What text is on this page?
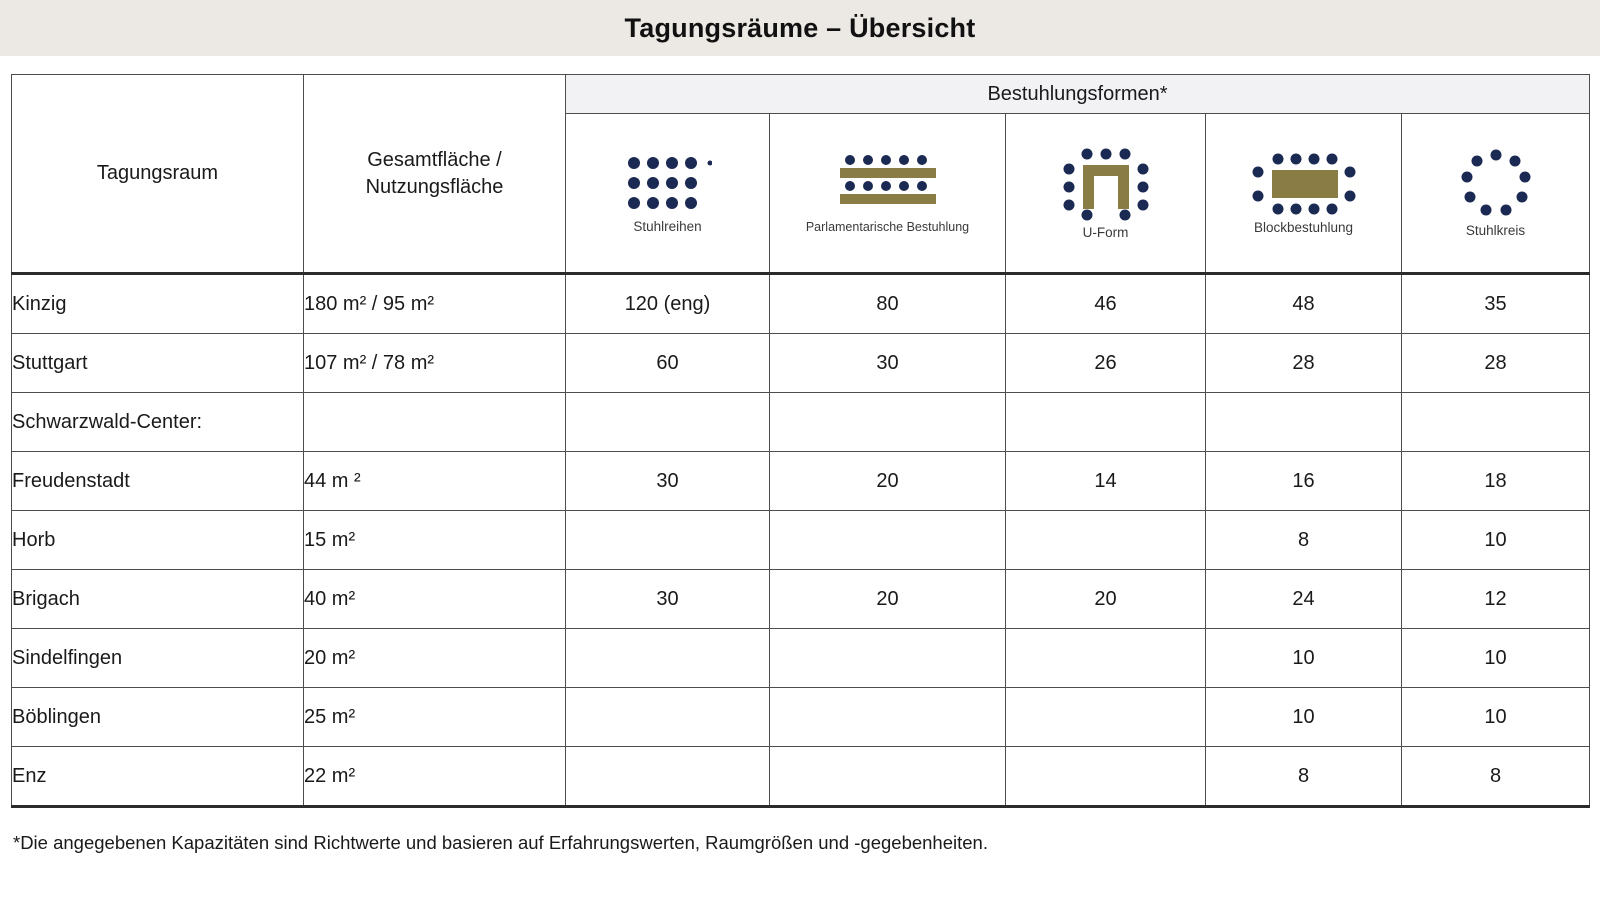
Tagungsräume – Übersicht
Tagungsraum	Gesamtfläche /
Nutzungsfläche	Bestuhlungsformen*				

		Stuhlreihen	Parlamentarische Bestuhlung	U-Form	Blockbestuhlung	Stuhlkreis

Kinzig	180 m² / 95 m²	120 (eng)	80	46	48	35
Stuttgart	107 m² / 78 m²	60	30	26	28	28
Schwarzwald-Center:						
Freudenstadt	44 m ²	30	20	14	16	18
Horb	15 m²				8	10
Brigach	40 m²	30	20	20	24	12
Sindelfingen	20 m²				10	10
Böblingen	25 m²				10	10
Enz	22 m²				8	8
*Die angegebenen Kapazitäten sind Richtwerte und basieren auf Erfahrungswerten, Raumgrößen und -gegebenheiten.
